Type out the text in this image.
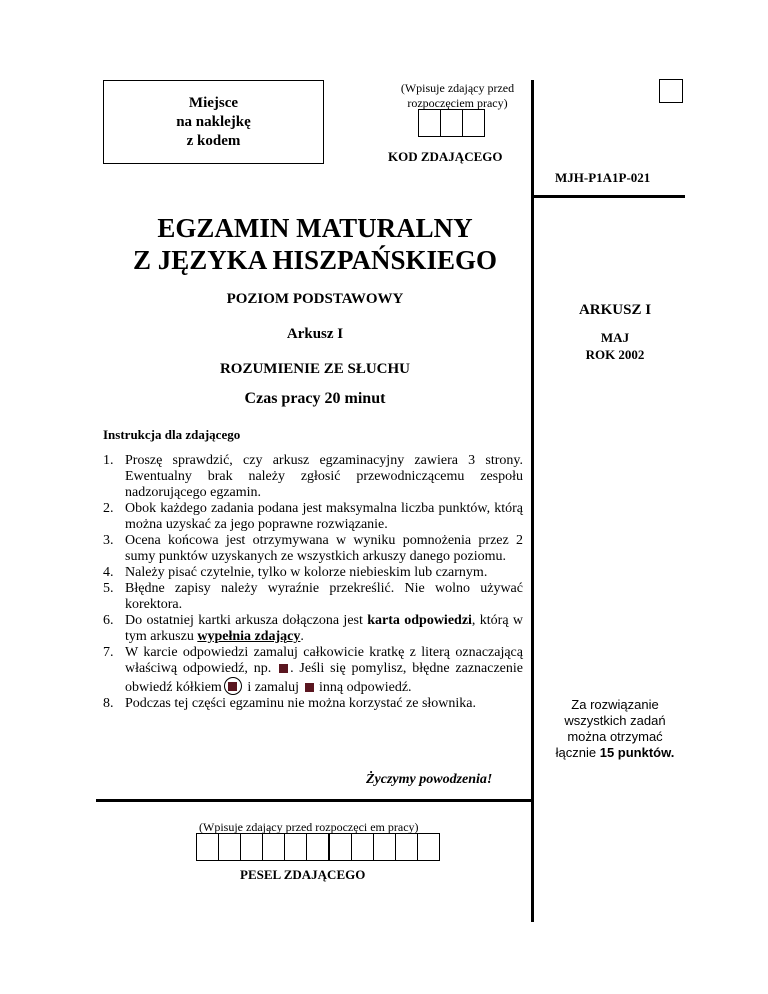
Miejsce
na naklejkę
z kodem
(Wpisuje zdający przed
rozpoczęciem pracy)
KOD ZDAJĄCEGO
MJH-P1A1P-021
EGZAMIN MATURALNY
Z JĘZYKA HISZPAŃSKIEGO
POZIOM PODSTAWOWY
Arkusz I
ROZUMIENIE ZE SŁUCHU
Czas pracy 20 minut
ARKUSZ I
MAJ
ROK 2002
Za rozwiązanie
wszystkich zadań
można otrzymać
łącznie 15 punktów.
Instrukcja dla zdającego
1. Proszę sprawdzić, czy arkusz egzaminacyjny zawiera 3 strony. Ewentualny brak należy zgłosić przewodniczącemu zespołu nadzorującego egzamin.
2. Obok każdego zadania podana jest maksymalna liczba punktów, którą można uzyskać za jego poprawne rozwiązanie.
3. Ocena końcowa jest otrzymywana w wyniku pomnożenia przez 2 sumy punktów uzyskanych ze wszystkich arkuszy danego poziomu.
4. Należy pisać czytelnie, tylko w kolorze niebieskim lub czarnym.
5. Błędne zapisy należy wyraźnie przekreślić. Nie wolno używać korektora.
6. Do ostatniej kartki arkusza dołączona jest karta odpowiedzi, którą w tym arkuszu wypełnia zdający.
7. W karcie odpowiedzi zamaluj całkowicie kratkę z literą oznaczającą właściwą odpowiedź, np. . Jeśli się pomylisz, błędne zaznaczenie obwiedź kółkiem i zamaluj  inną odpowiedź.
8. Podczas tej części egzaminu nie można korzystać ze słownika.
Życzymy powodzenia!
(Wpisuje zdający przed rozpoczęci em pracy)
PESEL ZDAJĄCEGO
